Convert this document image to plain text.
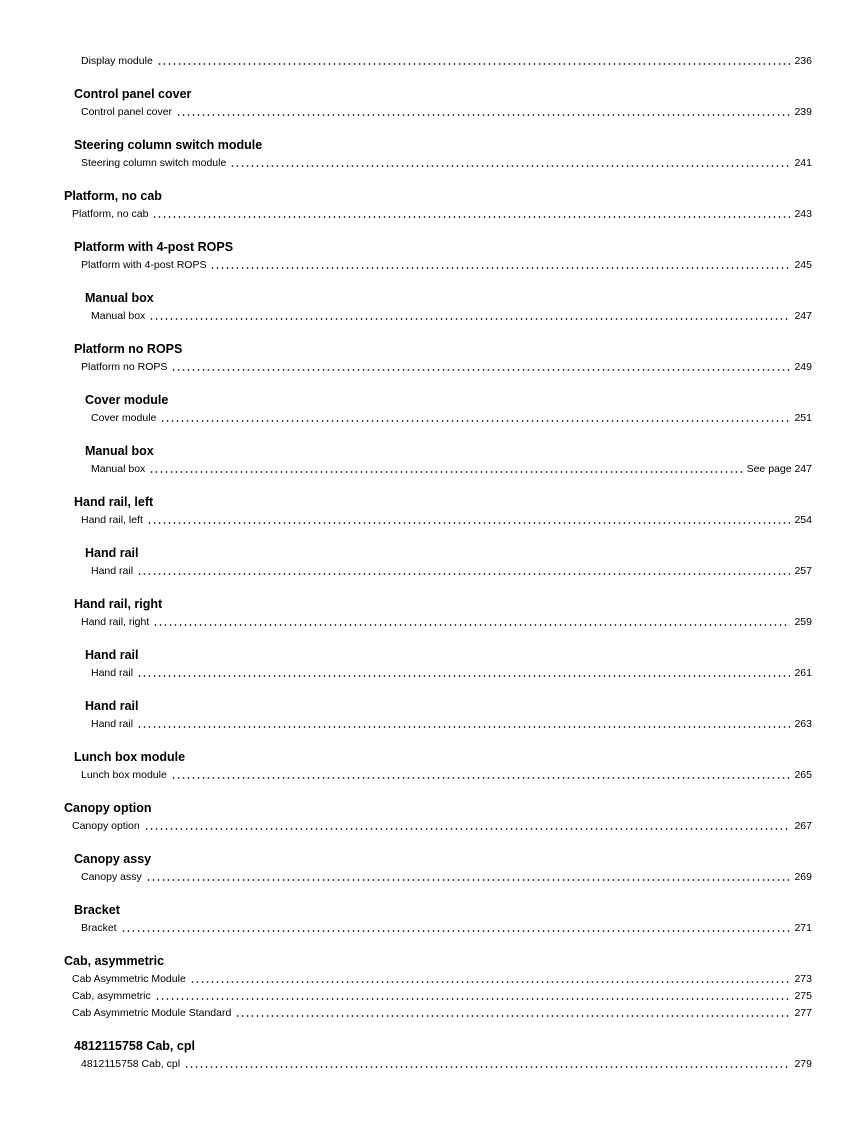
Display module	236
Control panel cover
Control panel cover	239
Steering column switch module
Steering column switch module	241
Platform, no cab
Platform, no cab	243
Platform with 4-post ROPS
Platform with 4-post ROPS	245
Manual box
Manual box	247
Platform no ROPS
Platform no ROPS	249
Cover module
Cover module	251
Manual box
Manual box	See page 247
Hand rail, left
Hand rail, left	254
Hand rail
Hand rail	257
Hand rail, right
Hand rail, right	259
Hand rail
Hand rail	261
Hand rail
Hand rail	263
Lunch box module
Lunch box module	265
Canopy option
Canopy option	267
Canopy assy
Canopy assy	269
Bracket
Bracket	271
Cab, asymmetric
Cab Asymmetric Module	273
Cab, asymmetric	275
Cab Asymmetric Module Standard	277
4812115758 Cab, cpl
4812115758 Cab, cpl	279
